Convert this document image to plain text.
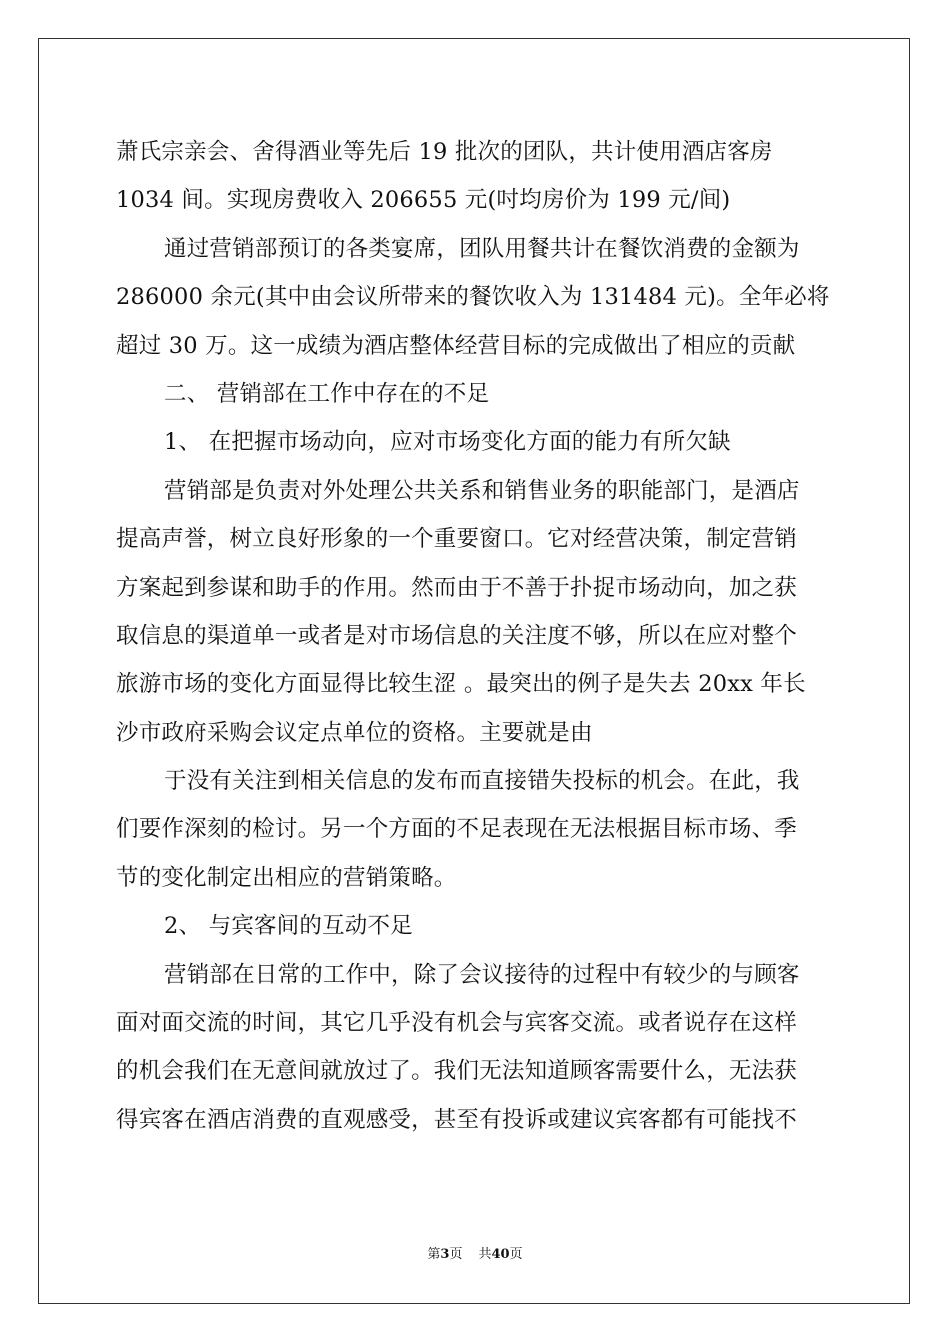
萧氏宗亲会、舍得酒业等先后 19 批次的团队，共计使用酒店客房
1034 间。实现房费收入 206655 元(吋均房价为 199 元/间)
通过营销部预订的各类宴席，团队用餐共计在餐饮消费的金额为
286000 余元(其中由会议所带来的餐饮收入为 131484 元)。全年必将
超过 30 万。这一成绩为酒店整体经营目标的完成做出了相应的贡献
二、 营销部在工作中存在的不足
1、 在把握市场动向，应对市场变化方面的能力有所欠缺
营销部是负责对外处理公共关系和销售业务的职能部门，是酒店
提高声誉，树立良好形象的一个重要窗口。它对经营决策，制定营销
方案起到参谋和助手的作用。然而由于不善于扑捉市场动向，加之获
取信息的渠道单一或者是对市场信息的关注度不够，所以在应对整个
旅游市场的变化方面显得比较生涩 。最突出的例子是失去 20xx 年长
沙市政府采购会议定点单位的资格。主要就是由
于没有关注到相关信息的发布而直接错失投标的机会。在此，我
们要作深刻的检讨。另一个方面的不足表现在无法根据目标市场、季
节的变化制定出相应的营销策略。
2、 与宾客间的互动不足
营销部在日常的工作中，除了会议接待的过程中有较少的与顾客
面对面交流的时间，其它几乎没有机会与宾客交流。或者说存在这样
的机会我们在无意间就放过了。我们无法知道顾客需要什么，无法获
得宾客在酒店消费的直观感受，甚至有投诉或建议宾客都有可能找不
第3页 共40页
